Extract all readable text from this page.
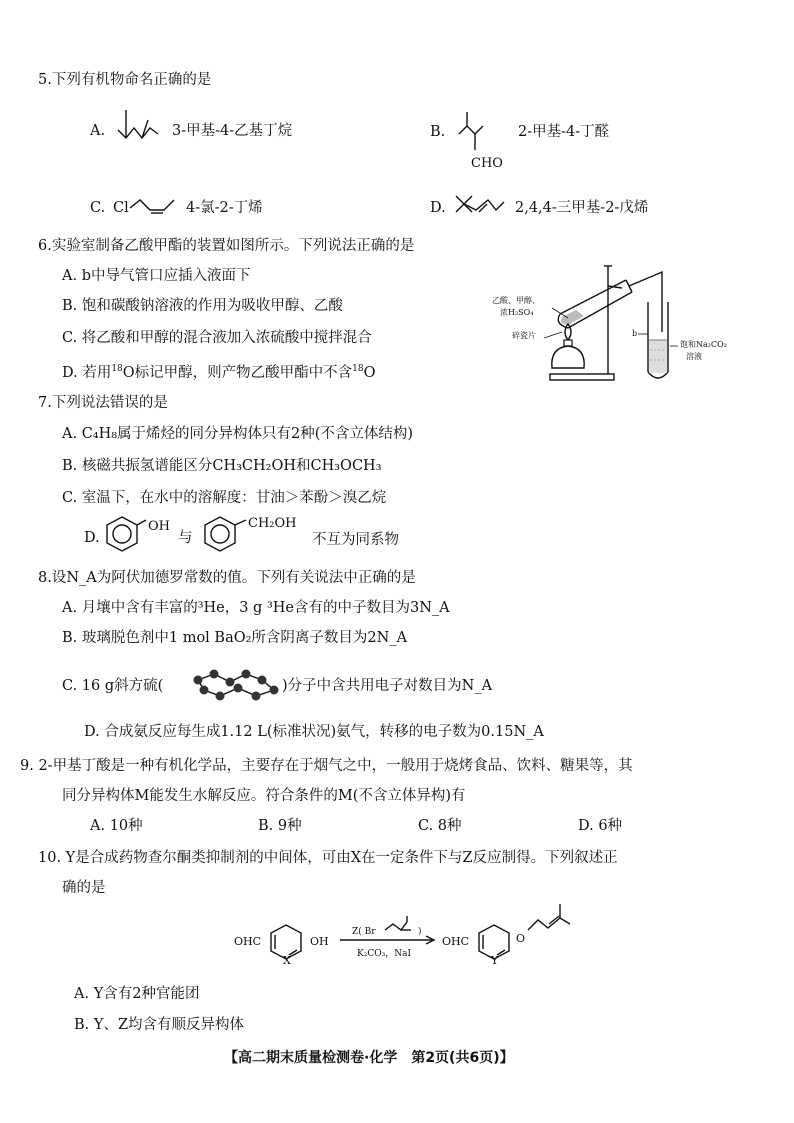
5.下列有机物命名正确的是
A.	3-甲基-4-乙基丁烷	B.
CHO
2-甲基-4-丁醛
C. Cl	4-氯-2-丁烯	D.	2,4,4-三甲基-2-戊烯
6.实验室制备乙酸甲酯的装置如图所示。下列说法正确的是
A. b中导气管口应插入液面下
B. 饱和碳酸钠溶液的作用为吸收甲醇、乙酸
C. 将乙酸和甲醇的混合液加入浓硫酸中搅拌混合
D. 若用$^{18}$O标记甲醇，则产物乙酸甲酯中不含$^{18}$O
乙酸、甲醇、
浓H₂SO₄
碎瓷片	b
饱和Na₂CO₃
溶液
7.下列说法错误的是
A. C₄H₈属于烯烃的同分异构体只有2种(不含立体结构)
B. 核磁共振氢谱能区分CH₃CH₂OH和CH₃OCH₃
C. 室温下，在水中的溶解度：甘油＞苯酚＞溴乙烷
D.
OH
与
CH₂OH
不互为同系物
8.设N_A为阿伏加德罗常数的值。下列有关说法中正确的是
A. 月壤中含有丰富的³He，3 g ³He含有的中子数目为3N_A
B. 玻璃脱色剂中1 mol BaO₂所含阴离子数目为2N_A
C. 16 g斜方硫(	)分子中含共用电子对数目为N_A
D. 合成氨反应每生成1.12 L(标准状况)氨气，转移的电子数为0.15N_A
9. 2-甲基丁酸是一种有机化学品，主要存在于烟气之中，一般用于烧烤食品、饮料、糖果等，其
同分异构体M能发生水解反应。符合条件的M(不含立体异构)有
A. 10种	B. 9种	C. 8种	D. 6种
10. Y是合成药物查尔酮类抑制剂的中间体，可由X在一定条件下与Z反应制得。下列叙述正
确的是
OHC	OH
X
Z( Br	)
K₂CO₃，NaI
OHC	O
Y
A. Y含有2种官能团
B. Y、Z均含有顺反异构体
【高二期末质量检测卷·化学　第2页(共6页)】
